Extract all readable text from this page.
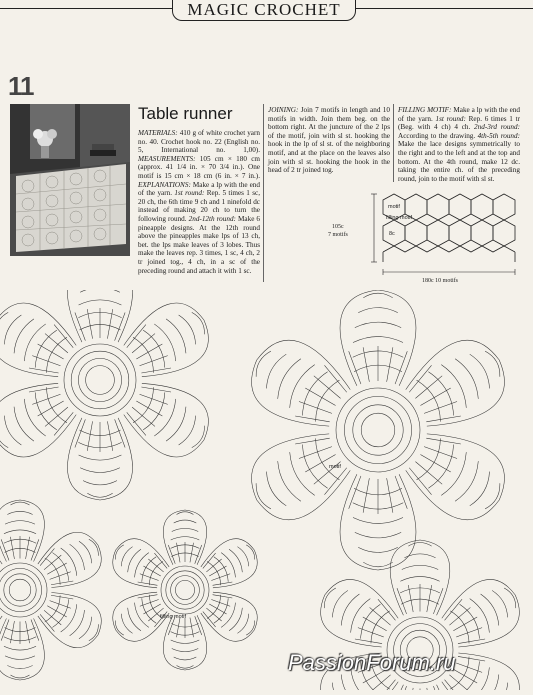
MAGIC CROCHET
11
Table runner
MATERIALS: 410 g of white crochet yarn no. 40. Crochet hook no. 22 (English no. 5, International no. 1,00). MEASUREMENTS: 105 cm × 180 cm (approx. 41 1/4 in. × 70 3/4 in.). One motif is 15 cm × 18 cm (6 in. × 7 in.). EXPLANATIONS: Make a lp with the end of the yarn. 1st round: Rep. 5 times 1 sc, 20 ch, the 6th time 9 ch and 1 ninefold dc instead of making 20 ch to turn the following round. 2nd-12th round: Make 6 pineapple designs. At the 12th round above the pineapples make lps of 13 ch, bet. the lps make leaves of 3 lobes. Thus make the leaves rep. 3 times, 1 sc, 4 ch, 2 tr joined tog., 4 ch, in a sc of the preceding round and attach it with 1 sc.
JOINING: Join 7 motifs in length and 10 motifs in width. Join them beg. on the bottom right. At the juncture of the 2 lps of the motif, join with sl st. hooking the hook in the lp of sl st. of the neighboring motif, and at the place on the leaves also join with sl st. hooking the hook in the head of 2 tr joined tog.
FILLING MOTIF: Make a lp with the end of the yarn. 1st round: Rep. 6 times 1 tr (Beg. with 4 ch) 4 ch. 2nd-3rd round: According to the drawing. 4th-5th round: Make the lace designs symmetrically to the right and to the left and at the top and bottom. At the 4th round, make 12 dc. taking the entire ch. of the preceding round, join to the motif with sl st.
105c
7 motifs
180c 10 motifs
motif
filling motif
8c
motif
filling motif
PassionForum.ru
